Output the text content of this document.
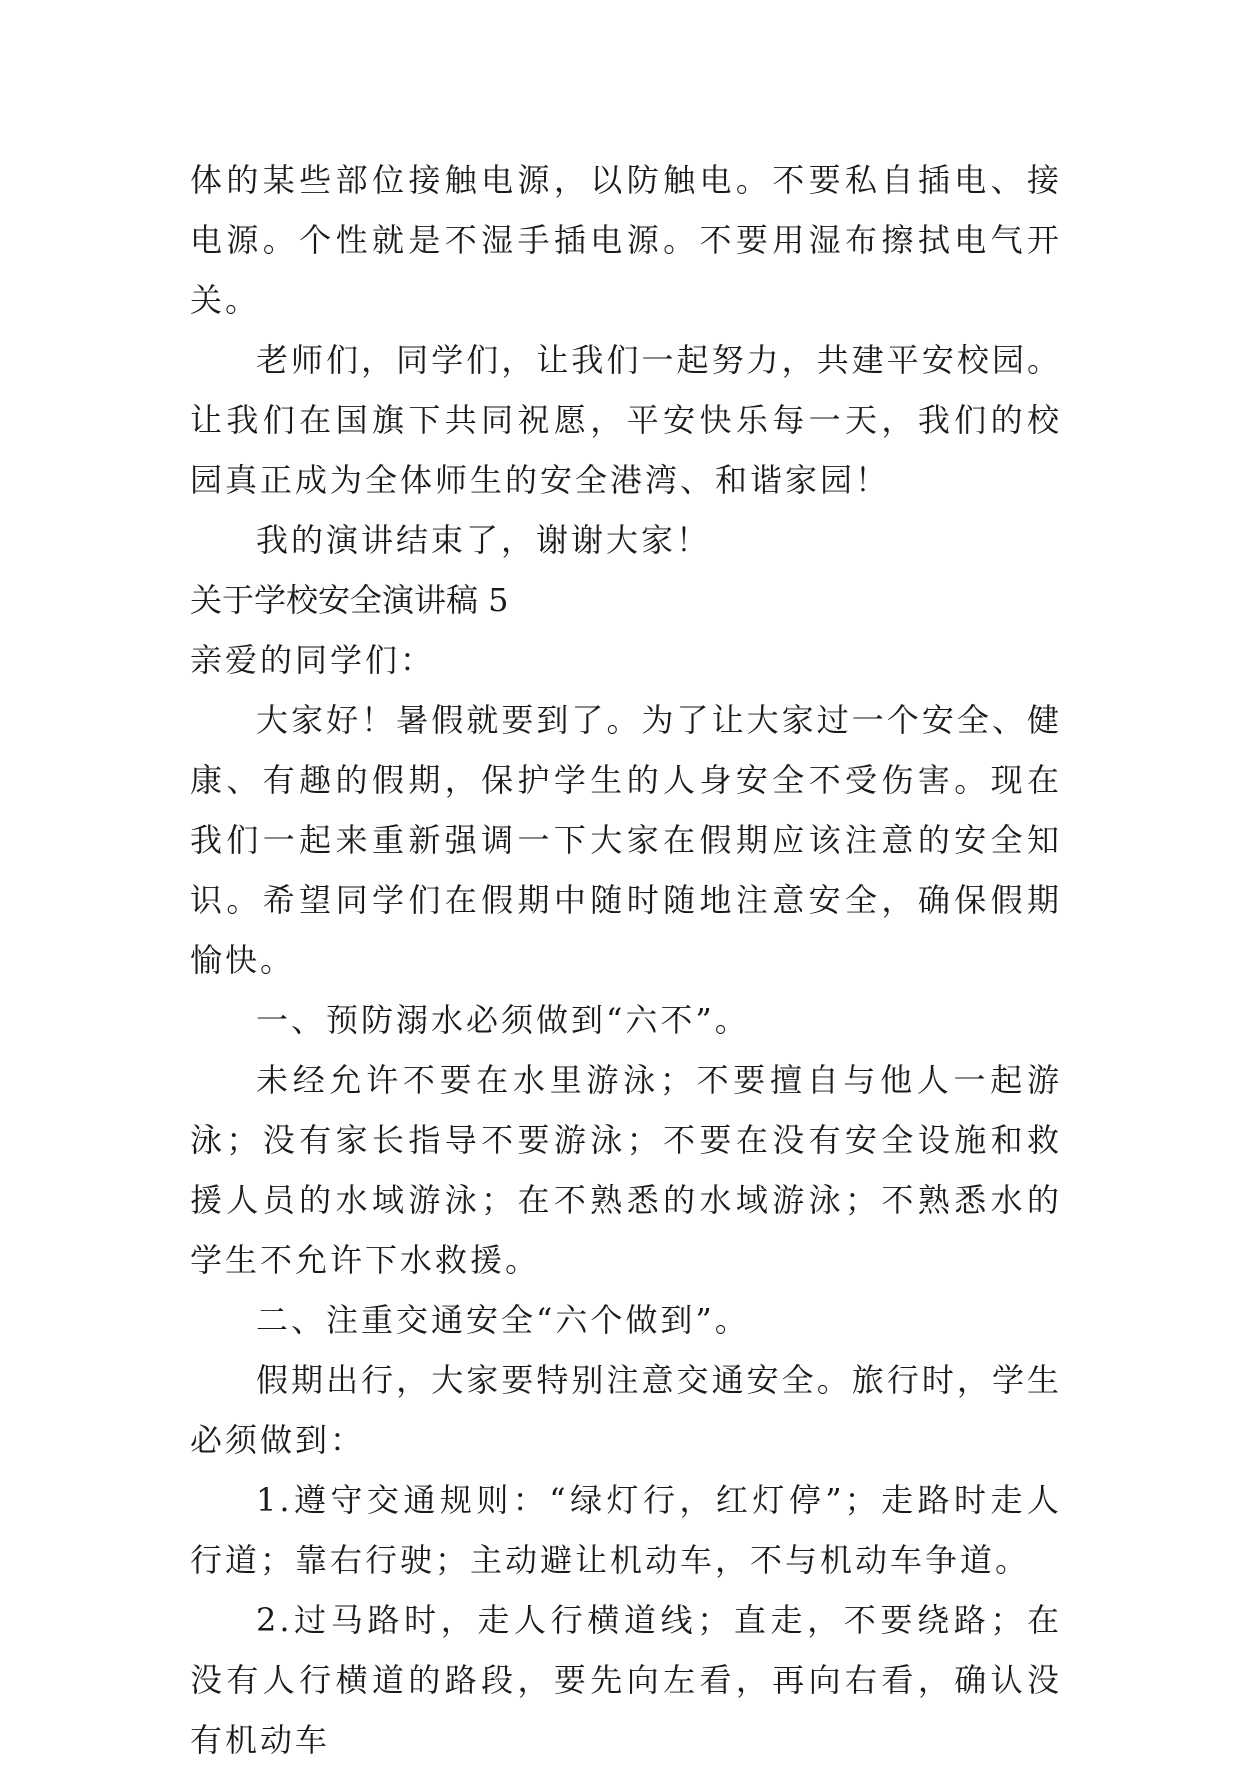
体的某些部位接触电源，以防触电。不要私自插电、接电源。个性就是不湿手插电源。不要用湿布擦拭电气开关。

老师们，同学们，让我们一起努力，共建平安校园。让我们在国旗下共同祝愿，平安快乐每一天，我们的校园真正成为全体师生的安全港湾、和谐家园！

我的演讲结束了，谢谢大家！

关于学校安全演讲稿 5

亲爱的同学们：

大家好！暑假就要到了。为了让大家过一个安全、健康、有趣的假期，保护学生的人身安全不受伤害。现在我们一起来重新强调一下大家在假期应该注意的安全知识。希望同学们在假期中随时随地注意安全，确保假期愉快。

一、预防溺水必须做到“六不”。

未经允许不要在水里游泳；不要擅自与他人一起游泳；没有家长指导不要游泳；不要在没有安全设施和救援人员的水域游泳；在不熟悉的水域游泳；不熟悉水的学生不允许下水救援。

二、注重交通安全“六个做到”。

假期出行，大家要特别注意交通安全。旅行时，学生必须做到：

1.遵守交通规则：“绿灯行，红灯停”；走路时走人行道；靠右行驶；主动避让机动车，不与机动车争道。

2.过马路时，走人行横道线；直走，不要绕路；在没有人行横道的路段，要先向左看，再向右看，确认没有机动车
